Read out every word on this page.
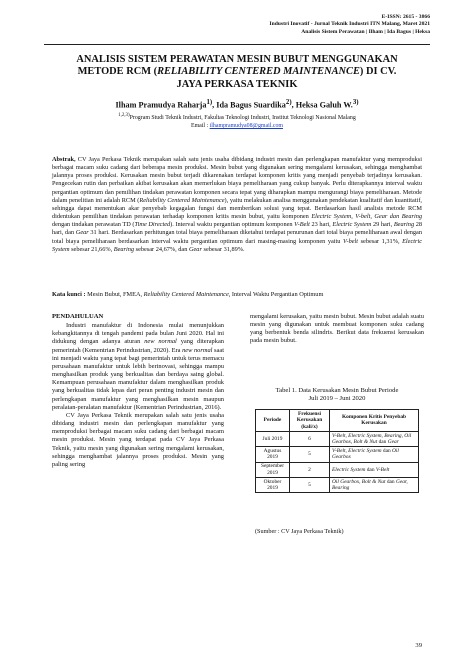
E-ISSN: 2615 - 3866
Industri Inovatif - Jurnal Teknik Industri ITN Malang, Maret 2021
Analisis Sistem Perawatan | Ilham | Ida Bagus | Heksa
ANALISIS SISTEM PERAWATAN MESIN BUBUT MENGGUNAKAN
METODE RCM (RELIABILITY CENTERED MAINTENANCE) DI CV.
JAYA PERKASA TEKNIK
Ilham Pramudya Raharja$^{1)}$, Ida Bagus Suardika$^{2)}$, Heksa Galuh W.$^{3)}$
$^{1,2,3)}$Program Studi Teknik Industri, Fakultas Teknologi Industri, Institut Teknologi Nasional Malang
Email : ilhampramudya08@gmail.com
Abstrak, CV Jaya Perkasa Teknik merupakan salah satu jenis usaha dibidang industri mesin dan perlengkapan manufaktur yang memproduksi berbagai macam suku cadang dari beberapa mesin produksi. Mesin bubut yang digunakan sering mengalami kerusakan, sehingga menghambat jalannya proses produksi. Kerusakan mesin bubut terjadi dikarenakan terdapat komponen kritis yang menjadi penyebab terjadinya kerusakan. Pengecekan rutin dan perbaikan akibat kerusakan akan memerlukan biaya pemeliharaan yang cukup banyak. Perlu diterapkannya interval waktu pergantian optimum dan pemilihan tindakan perawatan komponen secara tepat yang diharapkan mampu mengurangi biaya pemeliharaan. Metode dalam penelitian ini adalah RCM (Reliability Centered Maintenance), yaitu melakukan analisa menggunakan pendekatan kualitatif dan kuantitatif, sehingga dapat menentukan akar penyebab kegagalan fungsi dan memberikan solusi yang tepat. Berdasarkan hasil analisis metode RCM didentukan pemilihan tindakan perawatan terhadap komponen kritis mesin bubut, yaitu komponen Electric System, V-belt, Gear dan Bearing dengan tindakan perawatan TD (Time Directed). Interval waktu pergantian optimum komponen V-Belt 23 hari, Electric System 29 hari, Bearing 28 hari, dan Gear 31 hari. Berdasarkan perhitungan total biaya pemeliharaan diketahui terdapat penurunan dari total biaya pemeliharaan awal dengan total biaya pemeliharaan berdasarkan interval waktu pergantian optimum dari masing-masing komponen yaitu V-belt sebesar 1,31%, Electric System sebesar 21,66%, Bearing sebesar 24,67%, dan Gear sebesar 31,89%.
Kata kunci : Mesin Bubut, FMEA, Reliability Centered Maintenance, Interval Waktu Pergantian Optimum
PENDAHULUAN

Industri manufaktur di Indonesia mulai menunjukkan kebangkitannya di tengah pandemi pada bulan Juni 2020. Hal ini didukung dengan adanya aturan new normal yang diterapkan pemerintah (Kementrian Perindustrian, 2020). Era new normal saat ini menjadi waktu yang tepat bagi pemerintah untuk terus memacu perusahaan manufaktur untuk lebih berinovasi, sehingga mampu menghasilkan produk yang berkualitas dan berdaya saing global. Kemampuan perusahaan manufaktur dalam menghasilkan produk yang berkualitas tidak lepas dari peran penting industri mesin dan perlengkapan manufaktur yang menghasilkan mesin maupun peralatan-peralatan manufaktur (Kementrian Perindustrian, 2016).

CV Jaya Perkasa Teknik merupakan salah satu jenis usaha dibidang industri mesin dan perlengkapan manufaktur yang memproduksi berbagai macam suku cadang dari berbagai macam mesin produksi. Mesin yang terdapat pada CV Jaya Perkasa Teknik, yaitu mesin yang digunakan sering mengalami kerusakan, sehingga menghambat jalannya proses produksi. Mesin yang paling sering

mengalami kerusakan, yaitu mesin bubut. Mesin bubut adalah suatu mesin yang digunakan untuk membuat komponen suku cadang yang berbentuk benda silindris. Berikut data frekuensi kerusakan pada mesin bubut.

Tabel 1. Data Kerusakan Mesin Bubut Periode
Juli 2019 – Juni 2020
Periode	Frekuensi Kerusakan (kali/x)	Komponen Kritis Penyebab Kerusakan
Juli 2019	6	V-Belt, Electric System, Bearing, Oil Gearbox, Bolt & Nut dan Gear
Agustus 2019	5	V-Belt, Electric System dan Oil Gearbox
September 2019	2	Electric System dan V-Belt
Oktober 2019	5	Oil Gearbox, Bolt & Nut dan Gear, Bearing
(Sumber : CV Jaya Perkasa Teknik)
39
